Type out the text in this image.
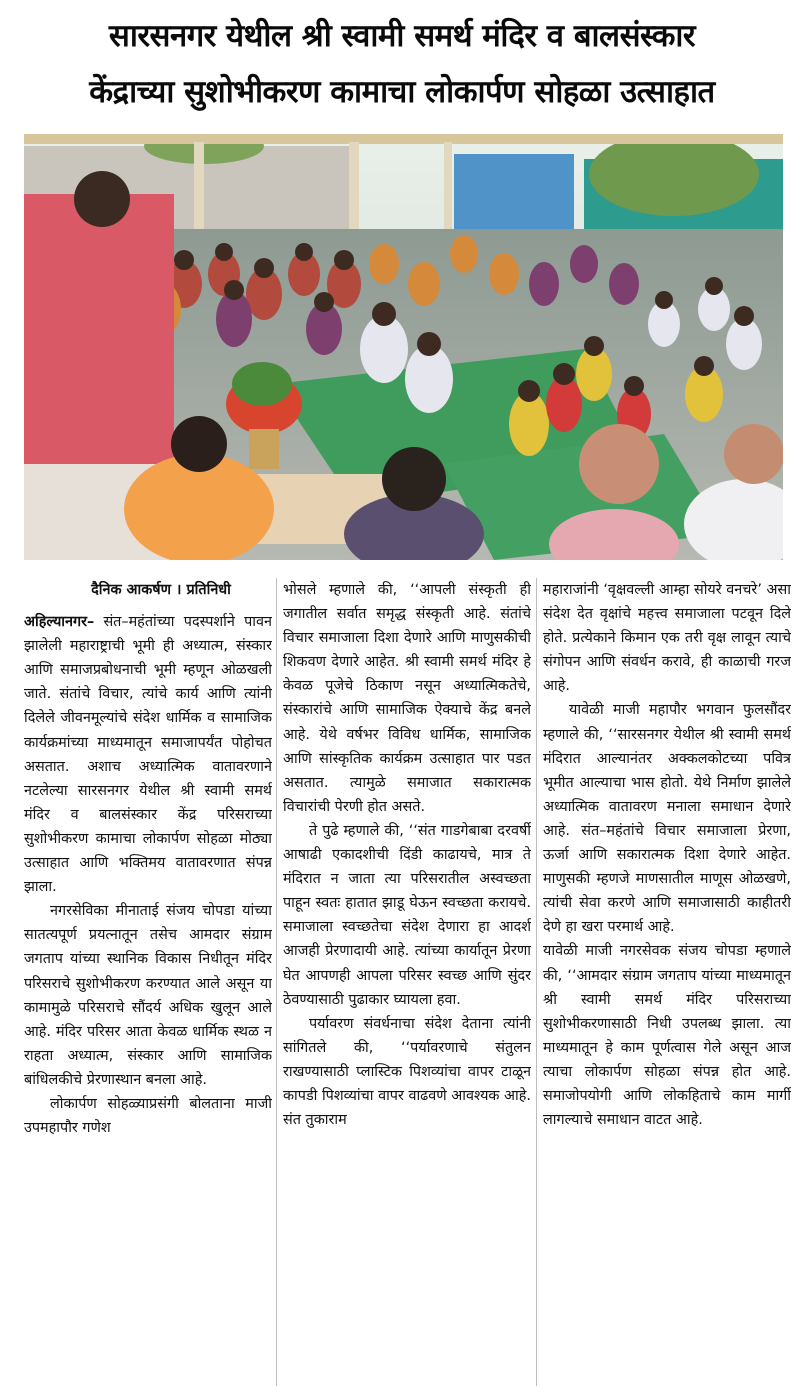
सारसनगर येथील श्री स्वामी समर्थ मंदिर व बालसंस्कार
केंद्राच्या सुशोभीकरण कामाचा लोकार्पण सोहळा उत्साहात

दैनिक आकर्षण । प्रतिनिधी

अहिल्यानगर– संत–महंतांच्या पदस्पर्शाने पावन झालेली महाराष्ट्राची भूमी ही अध्यात्म, संस्कार आणि समाजप्रबोधनाची भूमी म्हणून ओळखली जाते. संतांचे विचार, त्यांचे कार्य आणि त्यांनी दिलेले जीवनमूल्यांचे संदेश धार्मिक व सामाजिक कार्यक्रमांच्या माध्यमातून समाजापर्यंत पोहोचत असतात. अशाच अध्यात्मिक वातावरणाने नटलेल्या सारसनगर येथील श्री स्वामी समर्थ मंदिर व बालसंस्कार केंद्र परिसराच्या सुशोभीकरण कामाचा लोकार्पण सोहळा मोठ्या उत्साहात आणि भक्तिमय वातावरणात संपन्न झाला.

नगरसेविका मीनाताई संजय चोपडा यांच्या सातत्यपूर्ण प्रयत्नातून तसेच आमदार संग्राम जगताप यांच्या स्थानिक विकास निधीतून मंदिर परिसराचे सुशोभीकरण करण्यात आले असून या कामामुळे परिसराचे सौंदर्य अधिक खुलून आले आहे. मंदिर परिसर आता केवळ धार्मिक स्थळ न राहता अध्यात्म, संस्कार आणि सामाजिक बांधिलकीचे प्रेरणास्थान बनला आहे.

लोकार्पण सोहळ्याप्रसंगी बोलताना माजी उपमहापौर गणेश

भोसले म्हणाले की, ‘‘आपली संस्कृती ही जगातील सर्वात समृद्ध संस्कृती आहे. संतांचे विचार समाजाला दिशा देणारे आणि माणुसकीची शिकवण देणारे आहेत. श्री स्वामी समर्थ मंदिर हे केवळ पूजेचे ठिकाण नसून अध्यात्मिकतेचे, संस्कारांचे आणि सामाजिक ऐक्याचे केंद्र बनले आहे. येथे वर्षभर विविध धार्मिक, सामाजिक आणि सांस्कृतिक कार्यक्रम उत्साहात पार पडत असतात. त्यामुळे समाजात सकारात्मक विचारांची पेरणी होत असते.

ते पुढे म्हणाले की, ‘‘संत गाडगेबाबा दरवर्षी आषाढी एकादशीची दिंडी काढायचे, मात्र ते मंदिरात न जाता त्या परिसरातील अस्वच्छता पाहून स्वतः हातात झाडू घेऊन स्वच्छता करायचे. समाजाला स्वच्छतेचा संदेश देणारा हा आदर्श आजही प्रेरणादायी आहे. त्यांच्या कार्यातून प्रेरणा घेत आपणही आपला परिसर स्वच्छ आणि सुंदर ठेवण्यासाठी पुढाकार घ्यायला हवा.

पर्यावरण संवर्धनाचा संदेश देताना त्यांनी सांगितले की, ‘‘पर्यावरणाचे संतुलन राखण्यासाठी प्लास्टिक पिशव्यांचा वापर टाळून कापडी पिशव्यांचा वापर वाढवणे आवश्यक आहे. संत तुकाराम

महाराजांनी ‘वृक्षवल्ली आम्हा सोयरे वनचरे’ असा संदेश देत वृक्षांचे महत्त्व समाजाला पटवून दिले होते. प्रत्येकाने किमान एक तरी वृक्ष लावून त्याचे संगोपन आणि संवर्धन करावे, ही काळाची गरज आहे.

यावेळी माजी महापौर भगवान फुलसौंदर म्हणाले की, ‘‘सारसनगर येथील श्री स्वामी समर्थ मंदिरात आल्यानंतर अक्कलकोटच्या पवित्र भूमीत आल्याचा भास होतो. येथे निर्माण झालेले अध्यात्मिक वातावरण मनाला समाधान देणारे आहे. संत–महंतांचे विचार समाजाला प्रेरणा, ऊर्जा आणि सकारात्मक दिशा देणारे आहेत. माणुसकी म्हणजे माणसातील माणूस ओळखणे, त्यांची सेवा करणे आणि समाजासाठी काहीतरी देणे हा खरा परमार्थ आहे.

यावेळी माजी नगरसेवक संजय चोपडा म्हणाले की, ‘‘आमदार संग्राम जगताप यांच्या माध्यमातून श्री स्वामी समर्थ मंदिर परिसराच्या सुशोभीकरणासाठी निधी उपलब्ध झाला. त्या माध्यमातून हे काम पूर्णत्वास गेले असून आज त्याचा लोकार्पण सोहळा संपन्न होत आहे. समाजोपयोगी आणि लोकहिताचे काम मार्गी लागल्याचे समाधान वाटत आहे.
